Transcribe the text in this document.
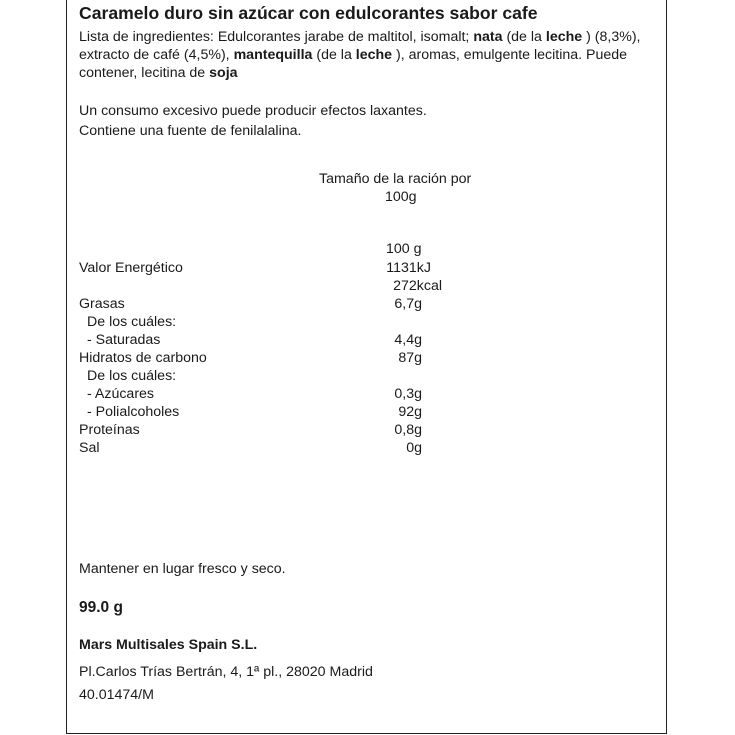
Caramelo duro sin azúcar con edulcorantes sabor cafe
Lista de ingredientes: Edulcorantes jarabe de maltitol, isomalt; nata (de la leche ) (8,3%), extracto de café (4,5%), mantequilla (de la leche ), aromas, emulgente lecitina. Puede contener, lecitina de soja
Un consumo excesivo puede producir efectos laxantes.
Contiene una fuente de fenilalalina.
Tamaño de la ración por
100g
100 g
Valor Energético	1131kJ
272kcal
Grasas	6,7g
De los cuáles:
- Saturadas	4,4g
Hidratos de carbono	87g
De los cuáles:
- Azúcares	0,3g
- Polialcoholes	92g
Proteínas	0,8g
Sal	0g
Mantener en lugar fresco y seco.
99.0 g
Mars Multisales Spain S.L.
Pl.Carlos Trías Bertrán, 4, 1ª pl., 28020 Madrid
40.01474/M
